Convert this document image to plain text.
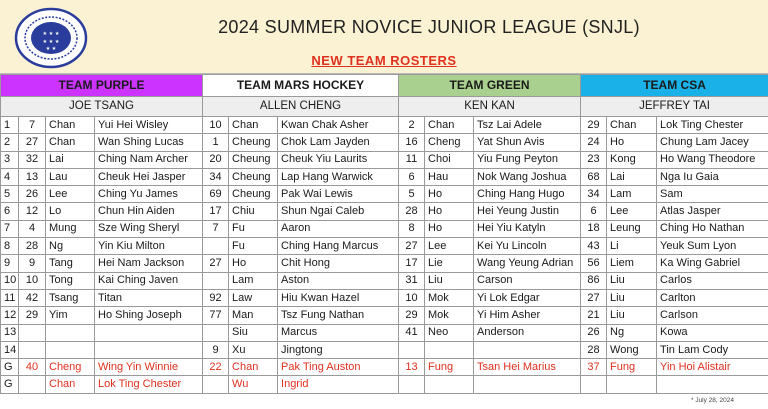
★ ★ ★
★ ★ ★
★ ★
2024 SUMMER NOVICE JUNIOR LEAGUE (SNJL)
NEW TEAM ROSTERS
TEAM PURPLE				TEAM MARS HOCKEY			TEAM GREEN			TEAM CSA		
JOE TSANG				ALLEN CHENG			KEN KAN			JEFFREY TAI		
1	7	Chan	Yui Hei Wisley	10	Chan	Kwan Chak Asher	2	Chan	Tsz Lai Adele	29	Chan	Lok Ting Chester
2	27	Chan	Wan Shing Lucas	1	Cheung	Chok Lam Jayden	16	Cheng	Yat Shun Avis	24	Ho	Chung Lam Jacey
3	32	Lai	Ching Nam Archer	20	Cheung	Cheuk Yiu Laurits	11	Choi	Yiu Fung Peyton	23	Kong	Ho Wang Theodore
4	13	Lau	Cheuk Hei Jasper	34	Cheung	Lap Hang Warwick	6	Hau	Nok Wang Joshua	68	Lai	Nga Iu Gaia
5	26	Lee	Ching Yu James	69	Cheung	Pak Wai Lewis	5	Ho	Ching Hang Hugo	34	Lam	Sam
6	12	Lo	Chun Hin Aiden	17	Chiu	Shun Ngai Caleb	28	Ho	Hei Yeung Justin	6	Lee	Atlas Jasper
7	4	Mung	Sze Wing Sheryl	7	Fu	Aaron	8	Ho	Hei Yiu Katyln	18	Leung	Ching Ho Nathan
8	28	Ng	Yin Kiu Milton		Fu	Ching Hang Marcus	27	Lee	Kei Yu Lincoln	43	Li	Yeuk Sum Lyon
9	9	Tang	Hei Nam Jackson	27	Ho	Chit Hong	17	Lie	Wang Yeung Adrian	56	Liem	Ka Wing Gabriel
10	10	Tong	Kai Ching Javen		Lam	Aston	31	Liu	Carson	86	Liu	Carlos
11	42	Tsang	Titan	92	Law	Hiu Kwan Hazel	10	Mok	Yi Lok Edgar	27	Liu	Carlton
12	29	Yim	Ho Shing Joseph	77	Man	Tsz Fung Nathan	29	Mok	Yi Him Asher	21	Liu	Carlson
13					Siu	Marcus	41	Neo	Anderson	26	Ng	Kowa
14				9	Xu	Jingtong				28	Wong	Tin Lam Cody
G	40	Cheng	Wing Yin Winnie	22	Chan	Pak Ting Auston	13	Fung	Tsan Hei Marius	37	Fung	Yin Hoi Alistair
G		Chan	Lok Ting Chester		Wu	Ingrid						
* July 28, 2024
